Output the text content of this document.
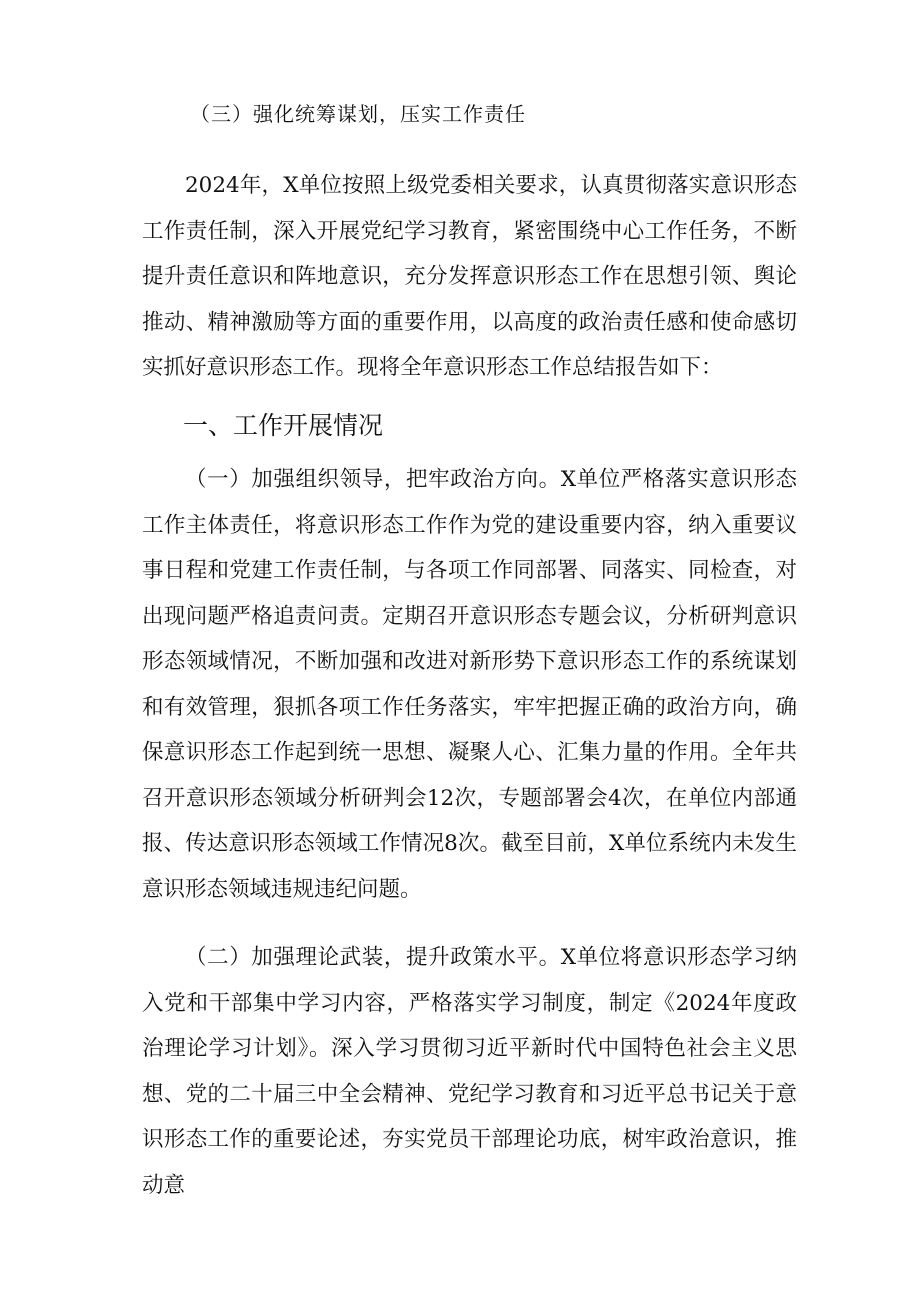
（三）强化统筹谋划，压实工作责任

2024年，X单位按照上级党委相关要求，认真贯彻落实意识形态工作责任制，深入开展党纪学习教育，紧密围绕中心工作任务，不断提升责任意识和阵地意识，充分发挥意识形态工作在思想引领、舆论推动、精神激励等方面的重要作用，以高度的政治责任感和使命感切实抓好意识形态工作。现将全年意识形态工作总结报告如下：

一、工作开展情况

（一）加强组织领导，把牢政治方向。X单位严格落实意识形态工作主体责任，将意识形态工作作为党的建设重要内容，纳入重要议事日程和党建工作责任制，与各项工作同部署、同落实、同检查，对出现问题严格追责问责。定期召开意识形态专题会议，分析研判意识形态领域情况，不断加强和改进对新形势下意识形态工作的系统谋划和有效管理，狠抓各项工作任务落实，牢牢把握正确的政治方向，确保意识形态工作起到统一思想、凝聚人心、汇集力量的作用。全年共召开意识形态领域分析研判会12次，专题部署会4次，在单位内部通报、传达意识形态领域工作情况8次。截至目前，X单位系统内未发生意识形态领域违规违纪问题。

（二）加强理论武装，提升政策水平。X单位将意识形态学习纳入党和干部集中学习内容，严格落实学习制度，制定《2024年度政治理论学习计划》。深入学习贯彻习近平新时代中国特色社会主义思想、党的二十届三中全会精神、党纪学习教育和习近平总书记关于意识形态工作的重要论述，夯实党员干部理论功底，树牢政治意识，推动意
